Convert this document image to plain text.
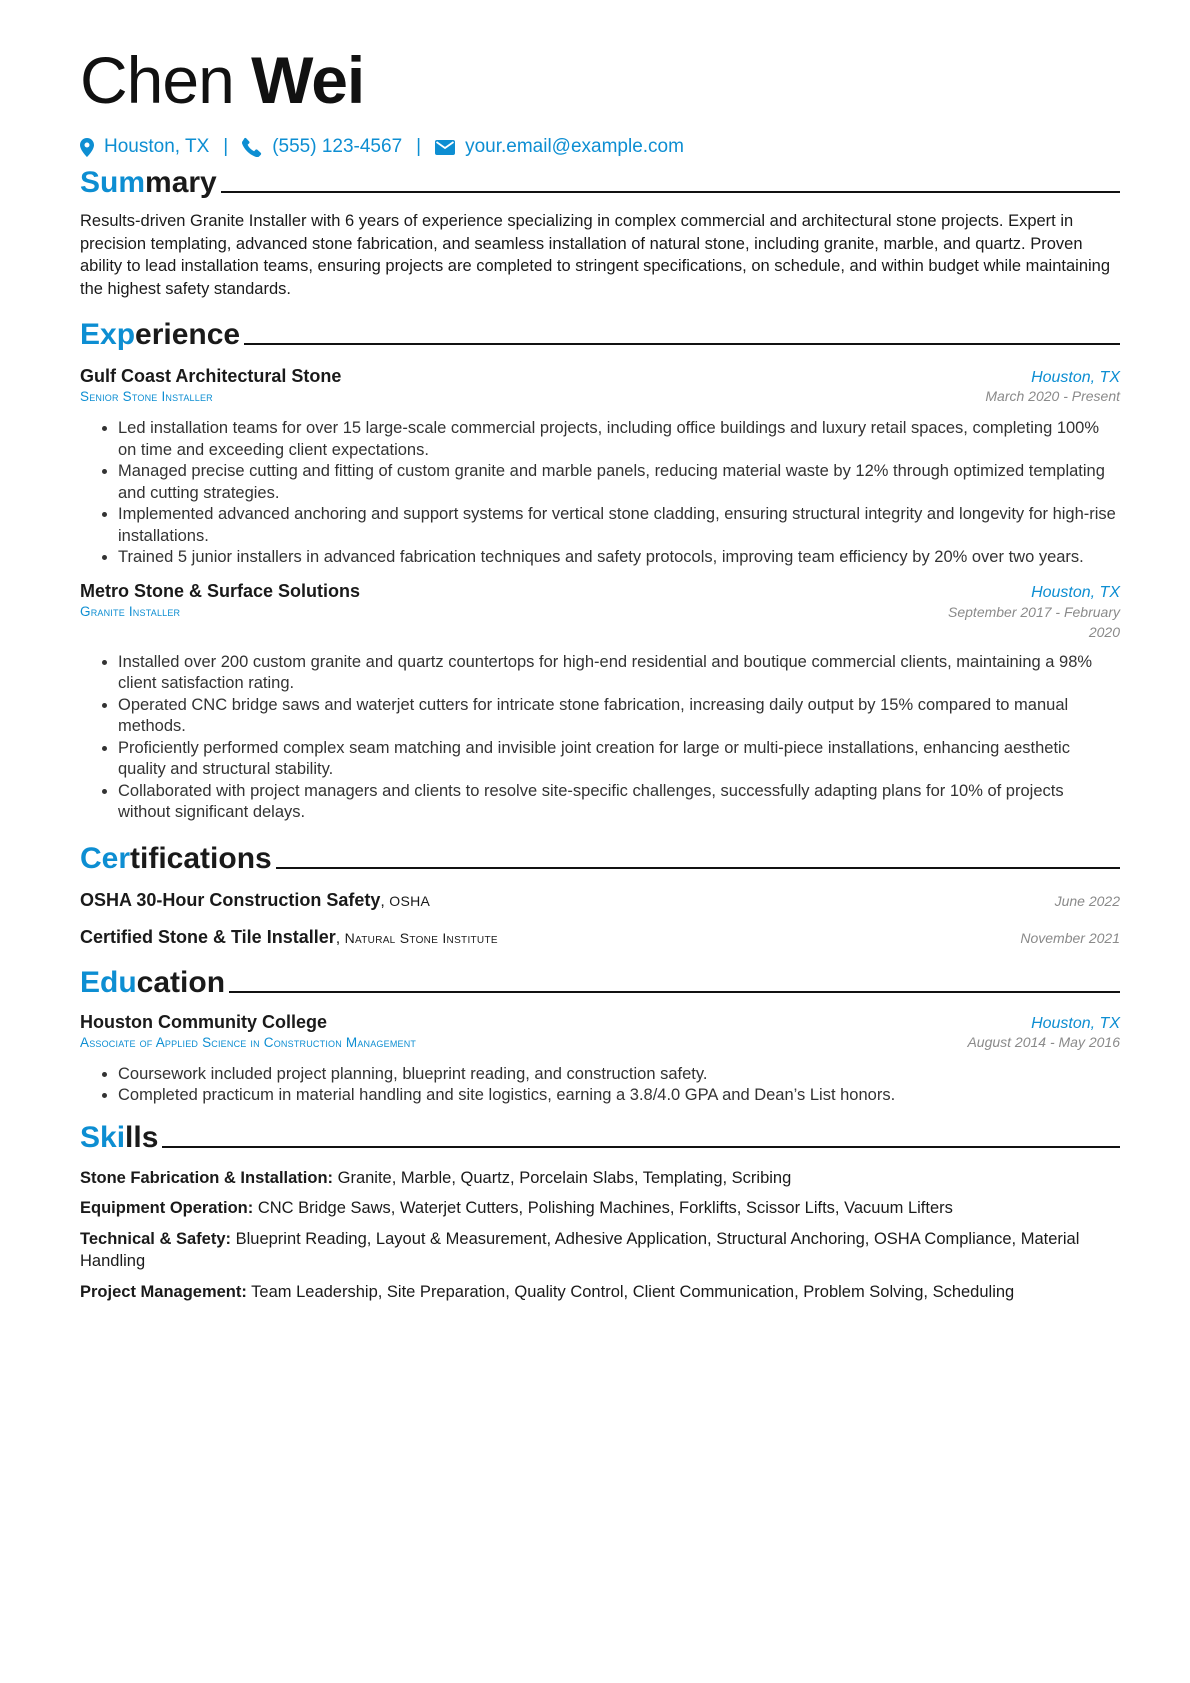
Chen Wei
Houston, TX | (555) 123-4567 | your.email@example.com
Summary

Results-driven Granite Installer with 6 years of experience specializing in complex commercial and architectural stone projects. Expert in precision templating, advanced stone fabrication, and seamless installation of natural stone, including granite, marble, and quartz. Proven ability to lead installation teams, ensuring projects are completed to stringent specifications, on schedule, and within budget while maintaining the highest safety standards.

Experience
Gulf Coast Architectural Stone	Houston, TX
Senior Stone Installer	March 2020 - Present
• Led installation teams for over 15 large-scale commercial projects, including office buildings and luxury retail spaces, completing 100% on time and exceeding client expectations.
• Managed precise cutting and fitting of custom granite and marble panels, reducing material waste by 12% through optimized templating and cutting strategies.
• Implemented advanced anchoring and support systems for vertical stone cladding, ensuring structural integrity and longevity for high-rise installations.
• Trained 5 junior installers in advanced fabrication techniques and safety protocols, improving team efficiency by 20% over two years.
Metro Stone & Surface Solutions	Houston, TX
Granite Installer	September 2017 - February 2020
• Installed over 200 custom granite and quartz countertops for high-end residential and boutique commercial clients, maintaining a 98% client satisfaction rating.
• Operated CNC bridge saws and waterjet cutters for intricate stone fabrication, increasing daily output by 15% compared to manual methods.
• Proficiently performed complex seam matching and invisible joint creation for large or multi-piece installations, enhancing aesthetic quality and structural stability.
• Collaborated with project managers and clients to resolve site-specific challenges, successfully adapting plans for 10% of projects without significant delays.
Certifications
OSHA 30-Hour Construction Safety, OSHA	June 2022
Certified Stone & Tile Installer, Natural Stone Institute	November 2021
Education
Houston Community College	Houston, TX
Associate of Applied Science in Construction Management	August 2014 - May 2016
• Coursework included project planning, blueprint reading, and construction safety.
• Completed practicum in material handling and site logistics, earning a 3.8/4.0 GPA and Dean’s List honors.
Skills
Stone Fabrication & Installation: Granite, Marble, Quartz, Porcelain Slabs, Templating, Scribing
Equipment Operation: CNC Bridge Saws, Waterjet Cutters, Polishing Machines, Forklifts, Scissor Lifts, Vacuum Lifters
Technical & Safety: Blueprint Reading, Layout & Measurement, Adhesive Application, Structural Anchoring, OSHA Compliance, Material Handling
Project Management: Team Leadership, Site Preparation, Quality Control, Client Communication, Problem Solving, Scheduling
